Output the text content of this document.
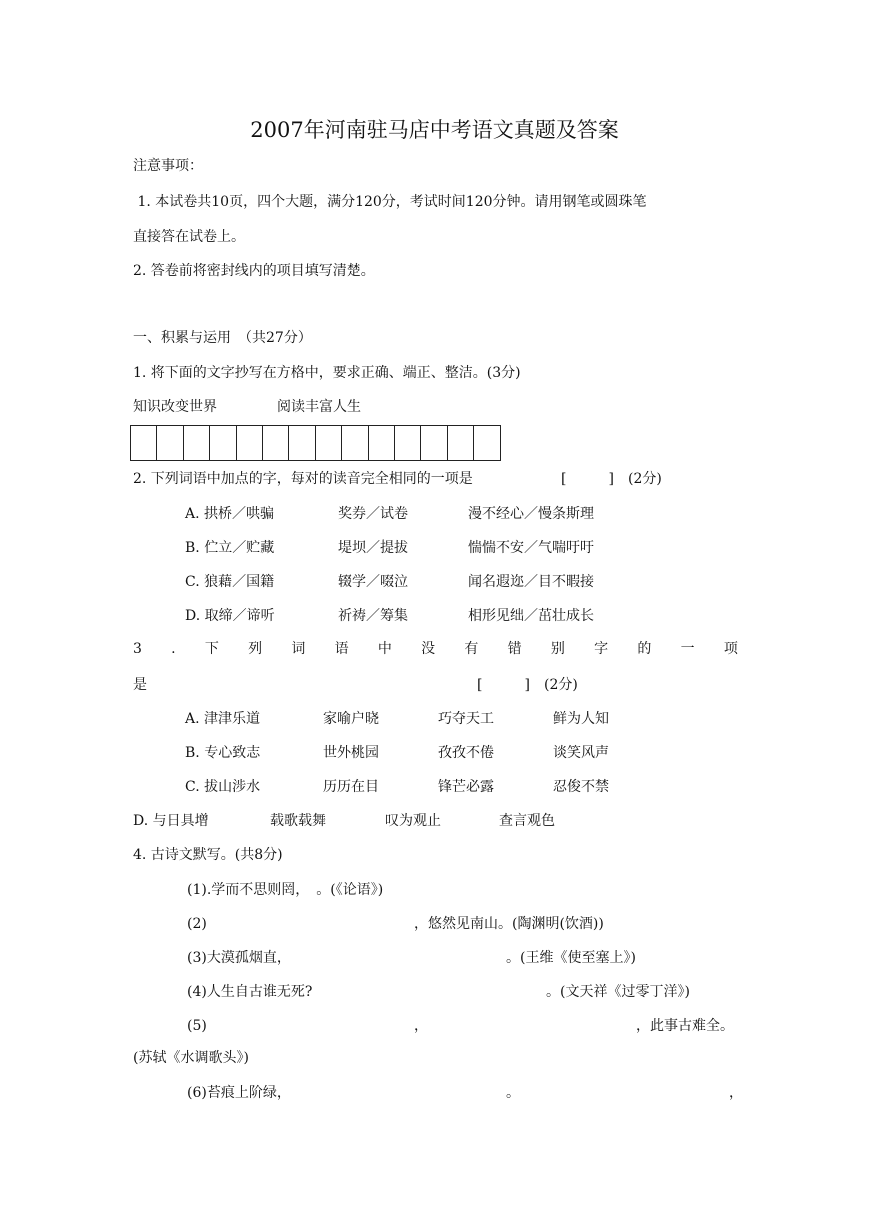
2007年河南驻马店中考语文真题及答案
注意事项：
1. 本试卷共10页，四个大题，满分120分，考试时间120分钟。请用钢笔或圆珠笔
直接答在试卷上。
2. 答卷前将密封线内的项目填写清楚。
一、积累与运用　（共27分）
1. 将下面的文字抄写在方格中，要求正确、端正、整洁。(3分)
知识改变世界	阅读丰富人生
2. 下列词语中加点的字，每对的读音完全相同的一项是	[　　　] (2分)
A. 拱桥／哄骗	奖券／试卷	漫不经心／慢条斯理
B. 伫立／贮藏	堤坝／提拔	惴惴不安／气喘吁吁
C. 狼藉／国籍	辍学／啜泣	闻名遐迩／目不暇接
D. 取缔／谛听	祈祷／筹集	相形见绌／茁壮成长
3 . 下 列 词 语 中 没 有 错 别 字 的 一 项
是	[　　　] (2分)
A. 津津乐道	家喻户晓	巧夺天工	鲜为人知
B. 专心致志	世外桃园	孜孜不倦	谈笑风声
C. 拔山涉水	历历在目	锋芒必露	忍俊不禁
D. 与日具增	载歌载舞	叹为观止	查言观色
4. 古诗文默写。(共8分)
(1).学而不思则罔，　。(《论语》)
(2)	，悠然见南山。(陶渊明(饮酒))
(3)大漠孤烟直，	。(王维《使至塞上》)
(4)人生自古谁无死?	。(文天祥《过零丁洋》)
(5)	，	，此事古难全。
(苏轼《水调歌头》)
(6)苔痕上阶绿，	。	，
